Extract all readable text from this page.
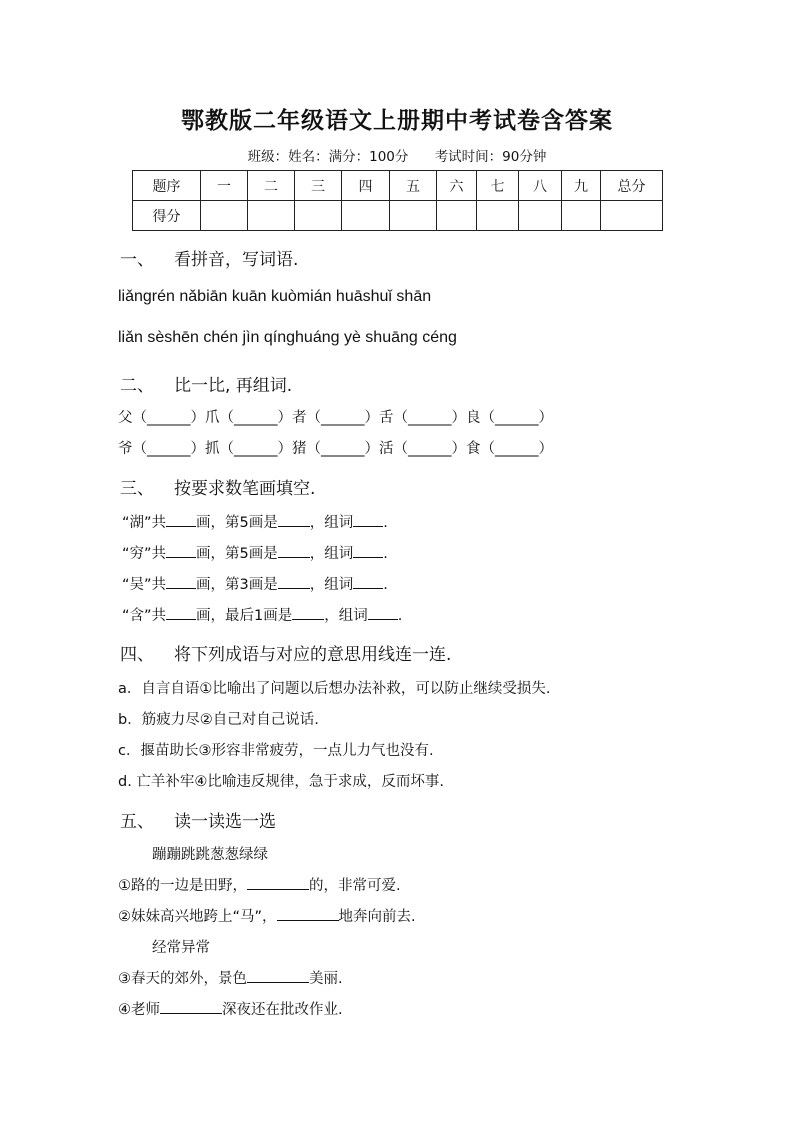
鄂教版二年级语文上册期中考试卷含答案
班级：姓名：满分：100分 考试时间：90分钟
题序	一	二	三	四	五	六	七	八	九	总分
得分										
一、 看拼音，写词语.
liǎngrén nǎbiān kuān kuòmián huāshuǐ shān
liǎn sèshēn chén jìn qínghuáng yè shuāng céng
二、 比一比, 再组词.
父（______）爪（______）者（______）舌（______）良（______）
爷（______）抓（______）猪（______）活（______）食（______）
三、 按要求数笔画填空.
“湖”共 画，第5画是 ，组词 .
“穷”共 画，第5画是 ，组词 .
“吴”共 画，第3画是 ，组词 .
“含”共 画，最后1画是 ，组词 .
四、 将下列成语与对应的意思用线连一连.
a．自言自语①比喻出了问题以后想办法补救，可以防止继续受损失.
b．筋疲力尽②自己对自己说话.
c．揠苗助长③形容非常疲劳，一点儿力气也没有.
d. 亡羊补牢④比喻违反规律，急于求成，反而坏事.
五、 读一读选一选
蹦蹦跳跳葱葱绿绿
①路的一边是田野，	的，非常可爱.
②妹妹高兴地跨上“马”，	地奔向前去.
经常异常
③春天的郊外，景色	美丽.
④老师	深夜还在批改作业.
